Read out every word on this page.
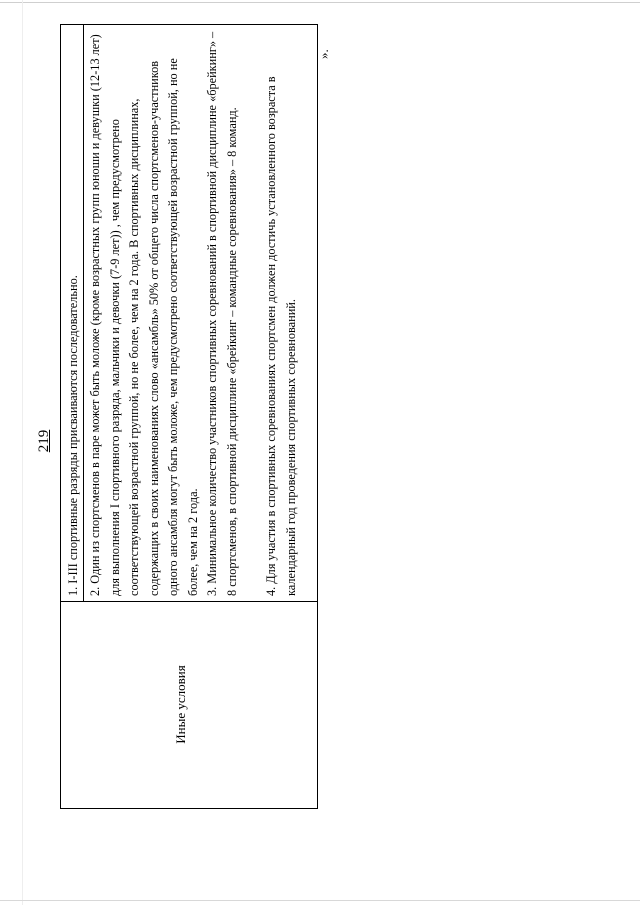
219
Иные условия

1. I-III спортивные разряды присваиваются последовательно. 2. Один из спортсменов в паре может быть моложе (кроме возрастных групп юноши и девушки (12-13 лет) для выполнения I спортивного разряда, мальчики и девочки (7-9 лет)) , чем предусмотрено соответствующей возрастной группой, но не более, чем на 2 года. В спортивных дисциплинах, содержащих в своих наименованиях слово «ансамбль» 50% от общего числа спортсменов-участников одного ансамбля могут быть моложе, чем предусмотрено соответствующей возрастной группой, но не более, чем на 2 года. 3. Минимальное количество участников спортивных соревнований в спортивной дисциплине «брейкинг» – 8 спортсменов, в спортивной дисциплине «брейкинг – командные соревнования» – 8 команд.	4. Для участия в спортивных соревнованиях спортсмен должен достичь установленного возраста в календарный год проведения спортивных соревнований.

».
